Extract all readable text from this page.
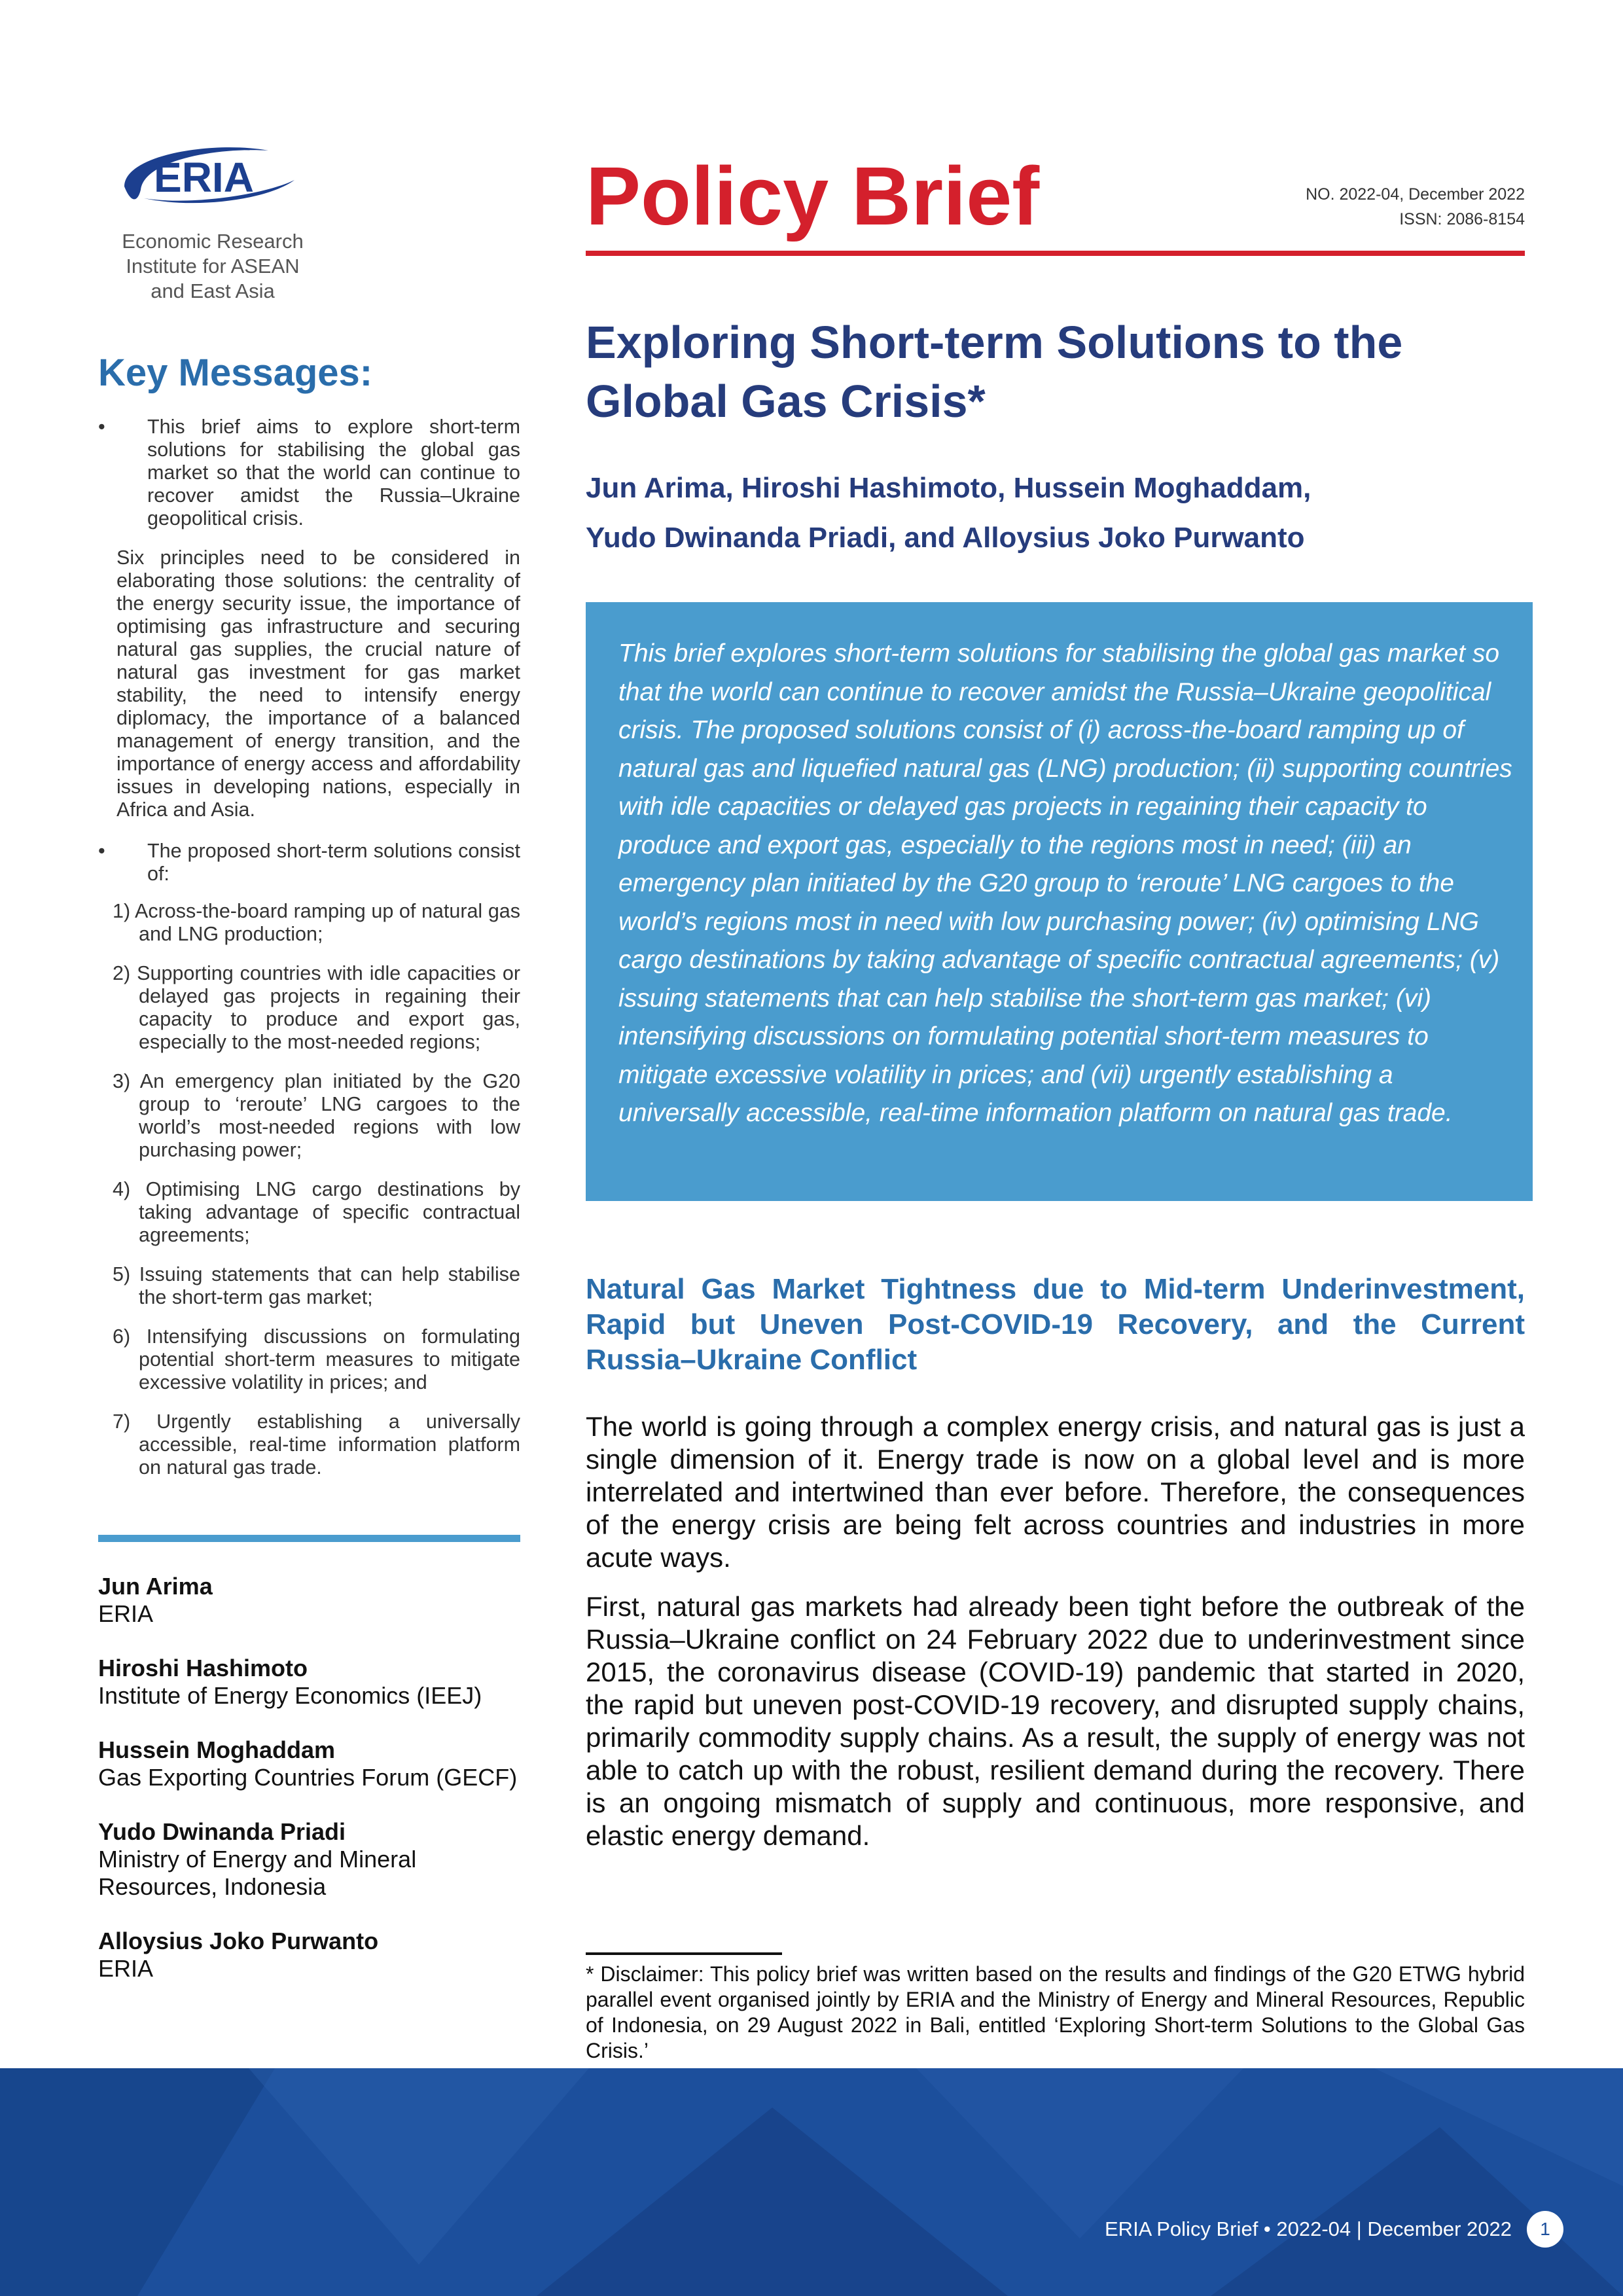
ERIA
Economic Research
Institute for ASEAN
and East Asia
Policy Brief	NO. 2022-04, December 2022
ISSN: 2086-8154
Exploring Short-term Solutions to the Global Gas Crisis*
Jun Arima, Hiroshi Hashimoto, Hussein Moghaddam,
Yudo Dwinanda Priadi, and Alloysius Joko Purwanto

This brief explores short-term solutions for stabilising the global gas market so that the world can continue to recover amidst the Russia–Ukraine geopolitical crisis. The proposed solutions consist of (i) across-the-board ramping up of natural gas and liquefied natural gas (LNG) production; (ii) supporting countries with idle capacities or delayed gas projects in regaining their capacity to produce and export gas, especially to the regions most in need; (iii) an emergency plan initiated by the G20 group to ‘reroute’ LNG cargoes to the world’s regions most in need with low purchasing power; (iv) optimising LNG cargo destinations by taking advantage of specific contractual agreements; (v) issuing statements that can help stabilise the short-term gas market; (vi) intensifying discussions on formulating potential short-term measures to mitigate excessive volatility in prices; and (vii) urgently establishing a universally accessible, real-time information platform on natural gas trade.

Natural Gas Market Tightness due to Mid-term Underinvestment, Rapid but Uneven Post-COVID-19 Recovery, and the Current Russia–Ukraine Conflict

The world is going through a complex energy crisis, and natural gas is just a single dimension of it. Energy trade is now on a global level and is more interrelated and intertwined than ever before. Therefore, the consequences of the energy crisis are being felt across countries and industries in more acute ways.

First, natural gas markets had already been tight before the outbreak of the Russia–Ukraine conflict on 24 February 2022 due to underinvestment since 2015, the coronavirus disease (COVID-19) pandemic that started in 2020, the rapid but uneven post-COVID-19 recovery, and disrupted supply chains, primarily commodity supply chains. As a result, the supply of energy was not able to catch up with the robust, resilient demand during the recovery. There is an ongoing mismatch of supply and continuous, more responsive, and elastic energy demand.

* Disclaimer: This policy brief was written based on the results and findings of the G20 ETWG hybrid parallel event organised jointly by ERIA and the Ministry of Energy and Mineral Resources, Republic of Indonesia, on 29 August 2022 in Bali, entitled ‘Exploring Short-term Solutions to the Global Gas Crisis.’

Key Messages:
•	This brief aims to explore short-term solutions for stabilising the global gas market so that the world can continue to recover amidst the Russia–Ukraine geopolitical crisis.
Six principles need to be considered in elaborating those solutions: the centrality of the energy security issue, the importance of optimising gas infrastructure and securing natural gas supplies, the crucial nature of natural gas investment for gas market stability, the need to intensify energy diplomacy, the importance of a balanced management of energy transition, and the importance of energy access and affordability issues in developing nations, especially in Africa and Asia.
•	The proposed short-term solutions consist of:
1) Across-the-board ramping up of natural gas and LNG production;
2) Supporting countries with idle capacities or delayed gas projects in regaining their capacity to produce and export gas, especially to the most-needed regions;
3) An emergency plan initiated by the G20 group to ‘reroute’ LNG cargoes to the world’s most-needed regions with low purchasing power;
4) Optimising LNG cargo destinations by taking advantage of specific contractual agreements;
5) Issuing statements that can help stabilise the short-term gas market;
6) Intensifying discussions on formulating potential short-term measures to mitigate excessive volatility in prices; and
7) Urgently establishing a universally accessible, real-time information platform on natural gas trade.
Jun Arima
ERIA
Hiroshi Hashimoto
Institute of Energy Economics (IEEJ)
Hussein Moghaddam
Gas Exporting Countries Forum (GECF)
Yudo Dwinanda Priadi
Ministry of Energy and Mineral Resources, Indonesia
Alloysius Joko Purwanto
ERIA
ERIA Policy Brief • 2022-04 | December 2022	1
